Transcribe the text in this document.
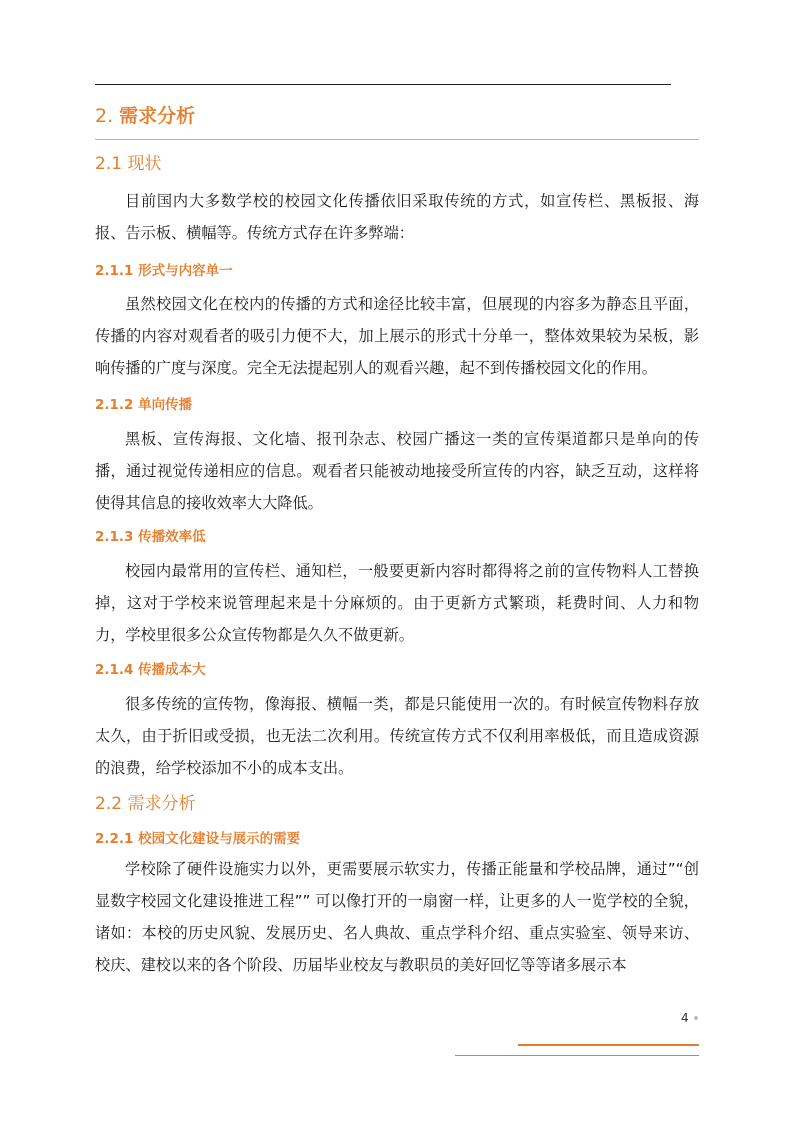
2. 需求分析
2.1 现状

目前国内大多数学校的校园文化传播依旧采取传统的方式，如宣传栏、黑板报、海报、告示板、横幅等。传统方式存在许多弊端：

2.1.1 形式与内容单一

虽然校园文化在校内的传播的方式和途径比较丰富，但展现的内容多为静态且平面，传播的内容对观看者的吸引力便不大，加上展示的形式十分单一，整体效果较为呆板，影响传播的广度与深度。完全无法提起别人的观看兴趣，起不到传播校园文化的作用。

2.1.2 单向传播

黑板、宣传海报、文化墙、报刊杂志、校园广播这一类的宣传渠道都只是单向的传播，通过视觉传递相应的信息。观看者只能被动地接受所宣传的内容，缺乏互动，这样将使得其信息的接收效率大大降低。

2.1.3 传播效率低

校园内最常用的宣传栏、通知栏，一般要更新内容时都得将之前的宣传物料人工替换掉，这对于学校来说管理起来是十分麻烦的。由于更新方式繁琐，耗费时间、人力和物力，学校里很多公众宣传物都是久久不做更新。

2.1.4 传播成本大

很多传统的宣传物，像海报、横幅一类，都是只能使用一次的。有时候宣传物料存放太久，由于折旧或受损，也无法二次利用。传统宣传方式不仅利用率极低，而且造成资源的浪费，给学校添加不小的成本支出。

2.2 需求分析
2.2.1 校园文化建设与展示的需要

学校除了硬件设施实力以外，更需要展示软实力，传播正能量和学校品牌，通过”“创显数字校园文化建设推进工程”” 可以像打开的一扇窗一样，让更多的人一览学校的全貌，诸如：本校的历史风貌、发展历史、名人典故、重点学科介绍、重点实验室、领导来访、校庆、建校以来的各个阶段、历届毕业校友与教职员的美好回忆等等诸多展示本

4
